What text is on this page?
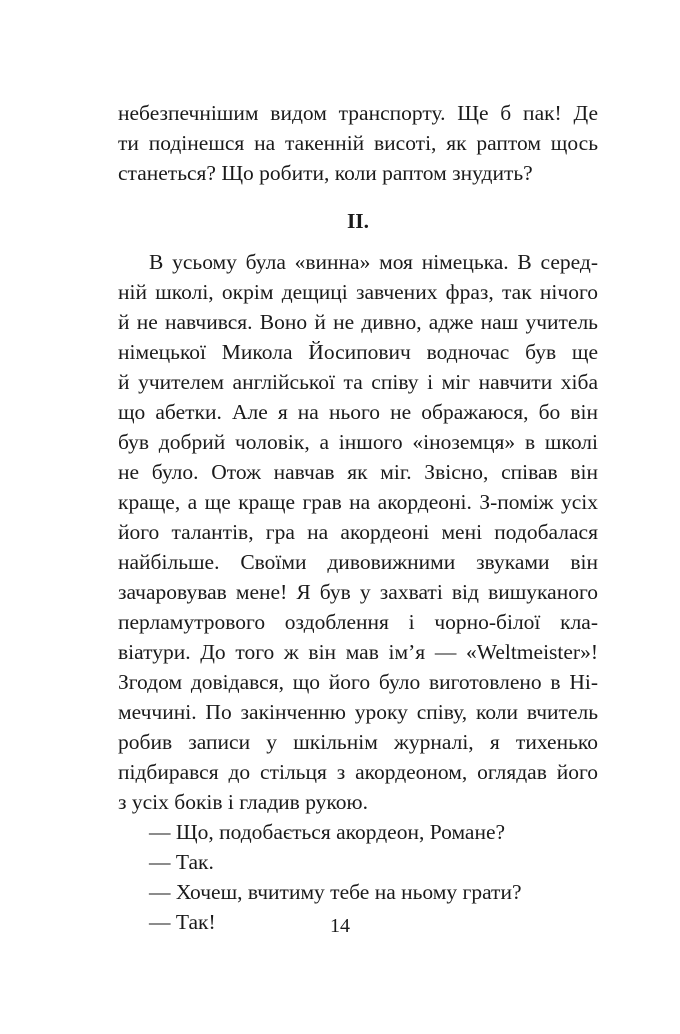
небезпечнішим видом транспорту. Ще б пак! Де
ти подінешся на такенній висоті, як раптом щось
станеться? Що робити, коли раптом знудить?
ІІ.
В усьому була «винна» моя німецька. В серед-
ній школі, окрім дещиці завчених фраз, так нічого
й не навчився. Воно й не дивно, адже наш учитель
німецької Микола Йосипович водночас був ще
й учителем англійської та співу і міг навчити хіба
що абетки. Але я на нього не ображаюся, бо він
був добрий чоловік, а іншого «іноземця» в школі
не було. Отож навчав як міг. Звісно, співав він
краще, а ще краще грав на акордеоні. З-поміж усіх
його талантів, гра на акордеоні мені подобалася
найбільше. Своїми дивовижними звуками він
зачаровував мене! Я був у захваті від вишуканого
перламутрового оздоблення і чорно-білої кла-
віатури. До того ж він мав ім’я — «Weltmeister»!
Згодом довідався, що його було виготовлено в Ні-
меччині. По закінченню уроку співу, коли вчитель
робив записи у шкільнім журналі, я тихенько
підбирався до стільця з акордеоном, оглядав його
з усіх боків і гладив рукою.
— Що, подобається акордеон, Романе?
— Так.
— Хочеш, вчитиму тебе на ньому грати?
— Так!	14
